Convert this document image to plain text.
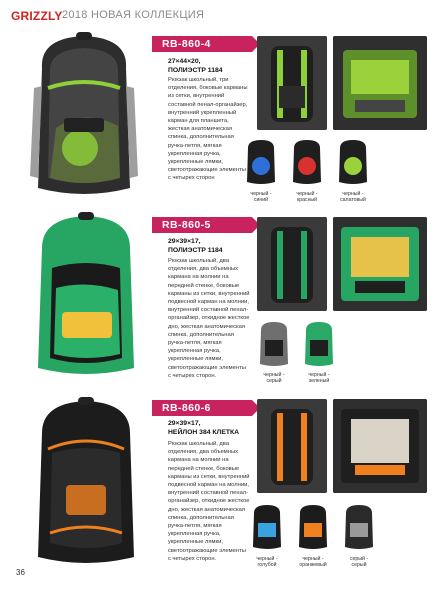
GRIZZLY 2018 НОВАЯ КОЛЛЕКЦИЯ
RB-860-4
27×44×20,
ПОЛИЭСТР 1184
Рюкзак школьный, три отделения, боковые карманы из сетки, внутренний составной пенал-органайзер, внутренний укрепленный карман для планшета, жесткая анатомическая спинка, дополнительная ручка-петля, мягкая укрепленная ручка, укрепленные лямки, светоотражающие элементы с четырех сторон
черный -
синий
черный -
красный
черный -
салатовый
RB-860-5
29×39×17,
ПОЛИЭСТР 1184
Рюкзак школьный, два отделения, два объемных кармана на молнии на передней стенке, боковые карманы из сетки, внутренний подвесной карман на молнии, внутренний составной пенал-органайзер, откидное жесткое дно, жесткая анатомическая спинка, дополнительная ручка-петля, мягкая укрепленная ручка, укрепленные лямки, светоотражающие элементы с четырех сторон.	черный -
серый
черный -
зеленый
RB-860-6
29×39×17,
НЕЙЛОН 384 КЛЕТКА
Рюкзак школьный, два отделения, два объемных кармана на молнии на передней стенке, боковые карманы из сетки, внутренний подвесной карман на молнии, внутренний составной пенал-органайзер, откидное жесткое дно, жесткая анатомическая спинка, дополнительная ручка-петля, мягкая укрепленная ручка, укрепленные лямки, светоотражающие элементы с четырех сторон.	черный -
голубой
черный -
оранжевый
серый -
серый
36
